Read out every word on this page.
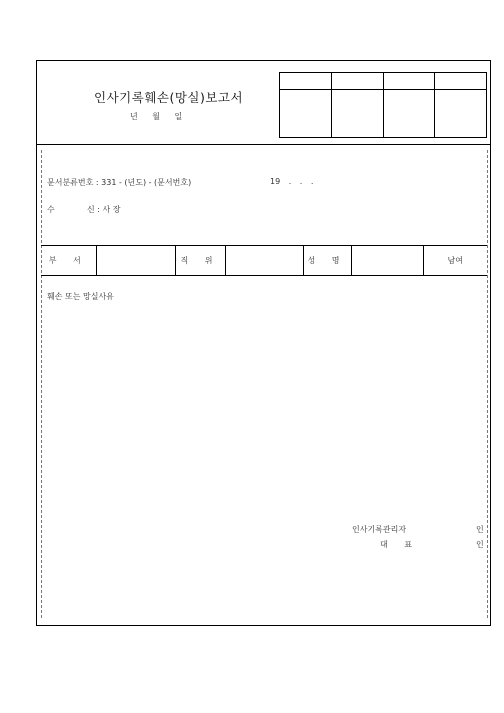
인사기록훼손(망실)보고서
년 월 일

문서분류번호 : 331 - (년도) - (문서번호)	19 . . .
수	신 : 사 장
부 서		직 위		성 명		남여
훼손 또는 망실사유
인사기록관리자	인
대 표	인
